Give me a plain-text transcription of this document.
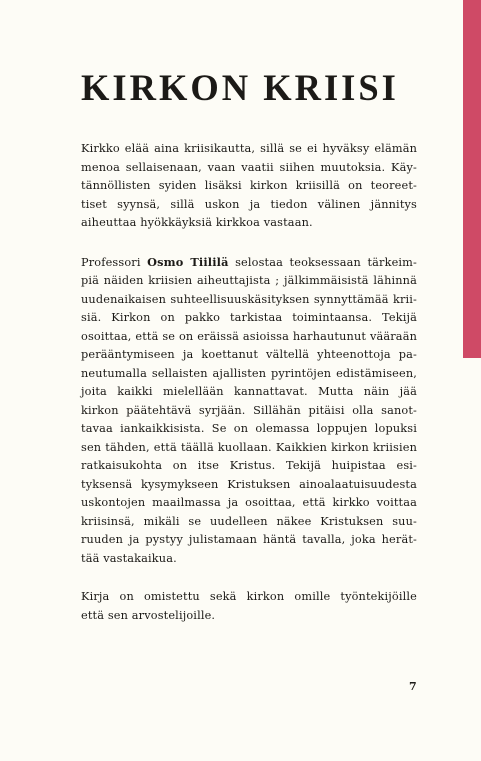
KIRKON KRIISI
Kirkko elää aina kriisikautta, sillä se ei hyväksy elämän
menoa sellaisenaan, vaan vaatii siihen muutoksia. Käy-
tännöllisten syiden lisäksi kirkon kriisillä on teoreet-
tiset syynsä, sillä uskon ja tiedon välinen jännitys
aiheuttaa hyökkäyksiä kirkkoa vastaan.
Professori Osmo Tiililä selostaa teoksessaan tärkeim-
piä näiden kriisien aiheuttajista ; jälkimmäisistä lähinnä
uudenaikaisen suhteellisuuskäsityksen synnyttämää krii-
siä. Kirkon on pakko tarkistaa toimintaansa. Tekijä
osoittaa, että se on eräissä asioissa harhautunut vääraän
perääntymiseen ja koettanut vältellä yhteenottoja pa-
neutumalla sellaisten ajallisten pyrintöjen edistämiseen,
joita kaikki mielellään kannattavat. Mutta näin jää
kirkon päätehtävä syrjään. Sillähän pitäisi olla sanot-
tavaa iankaikkisista. Se on olemassa loppujen lopuksi
sen tähden, että täällä kuollaan. Kaikkien kirkon kriisien
ratkaisukohta on itse Kristus. Tekijä huipistaa esi-
tyksensä kysymykseen Kristuksen ainoalaatuisuudesta
uskontojen maailmassa ja osoittaa, että kirkko voittaa
kriisinsä, mikäli se uudelleen näkee Kristuksen suu-
ruuden ja pystyy julistamaan häntä tavalla, joka herät-
tää vastakaikua.
Kirja on omistettu sekä kirkon omille työntekijöille
että sen arvostelijoille.
7
